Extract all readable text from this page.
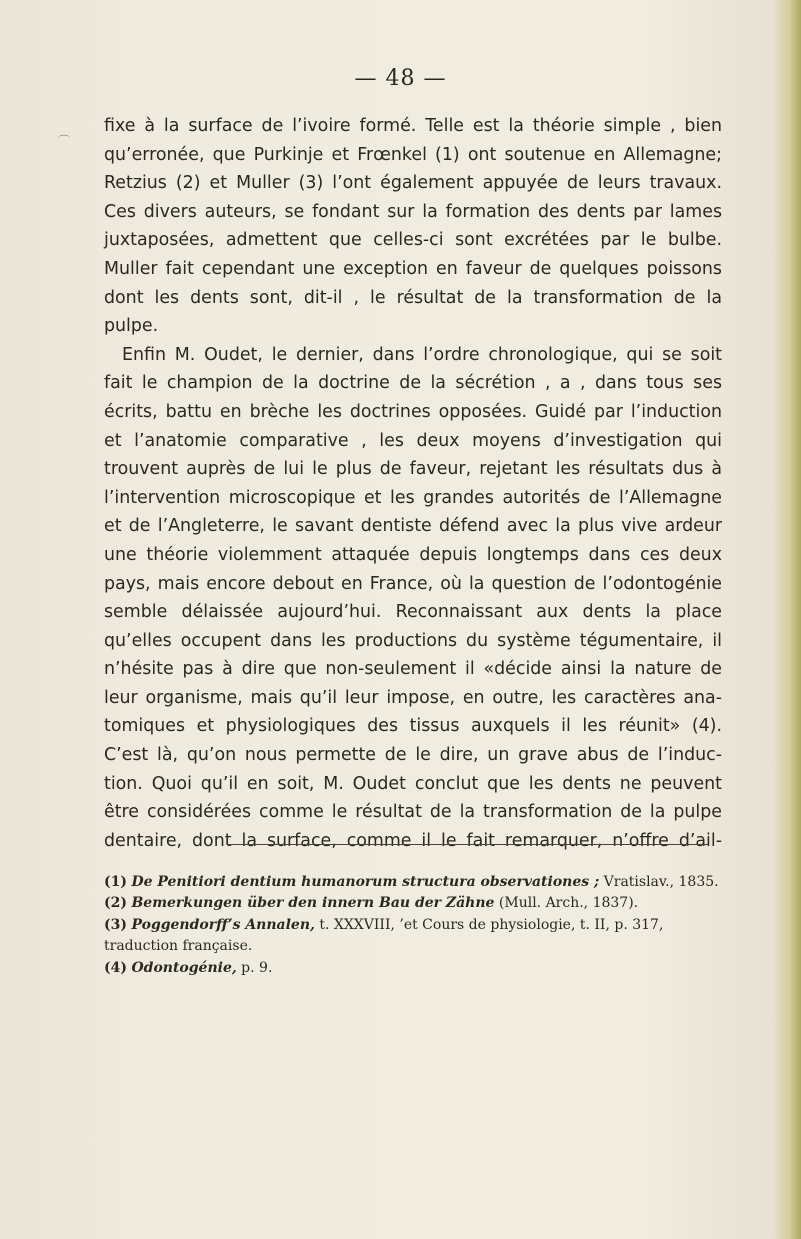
⌒
— 48 —
fixe à la surface de l’ivoire formé. Telle est la théorie simple , bien
qu’erronée, que Purkinje et Frœnkel (1) ont soutenue en Allemagne;
Retzius (2) et Muller (3) l’ont également appuyée de leurs travaux.
Ces divers auteurs, se fondant sur la formation des dents par lames
juxtaposées, admettent que celles-ci sont excrétées par le bulbe.
Muller fait cependant une exception en faveur de quelques poissons
dont les dents sont, dit-il , le résultat de la transformation de la
pulpe.
Enfin M. Oudet, le dernier, dans l’ordre chronologique, qui se soit
fait le champion de la doctrine de la sécrétion , a , dans tous ses
écrits, battu en brèche les doctrines opposées. Guidé par l’induction
et l’anatomie comparative , les deux moyens d’investigation qui
trouvent auprès de lui le plus de faveur, rejetant les résultats dus à
l’intervention microscopique et les grandes autorités de l’Allemagne
et de l’Angleterre, le savant dentiste défend avec la plus vive ardeur
une théorie violemment attaquée depuis longtemps dans ces deux
pays, mais encore debout en France, où la question de l’odontogénie
semble délaissée aujourd’hui. Reconnaissant aux dents la place
qu’elles occupent dans les productions du système tégumentaire, il
n’hésite pas à dire que non-seulement il «décide ainsi la nature de
leur organisme, mais qu’il leur impose, en outre, les caractères ana-
tomiques et physiologiques des tissus auxquels il les réunit» (4).
C’est là, qu’on nous permette de le dire, un grave abus de l’induc-
tion. Quoi qu’il en soit, M. Oudet conclut que les dents ne peuvent
être considérées comme le résultat de la transformation de la pulpe
dentaire, dont la surface, comme il le fait remarquer, n’offre d’ail-
(1) De Penitiori dentium humanorum structura observationes ; Vratislav., 1835.
(2) Bemerkungen über den innern Bau der Zähne (Mull. Arch., 1837).
(3) Poggendorff’s Annalen, t. XXXVIII, ’et Cours de physiologie, t. II, p. 317,
traduction française.
(4) Odontogénie, p. 9.
